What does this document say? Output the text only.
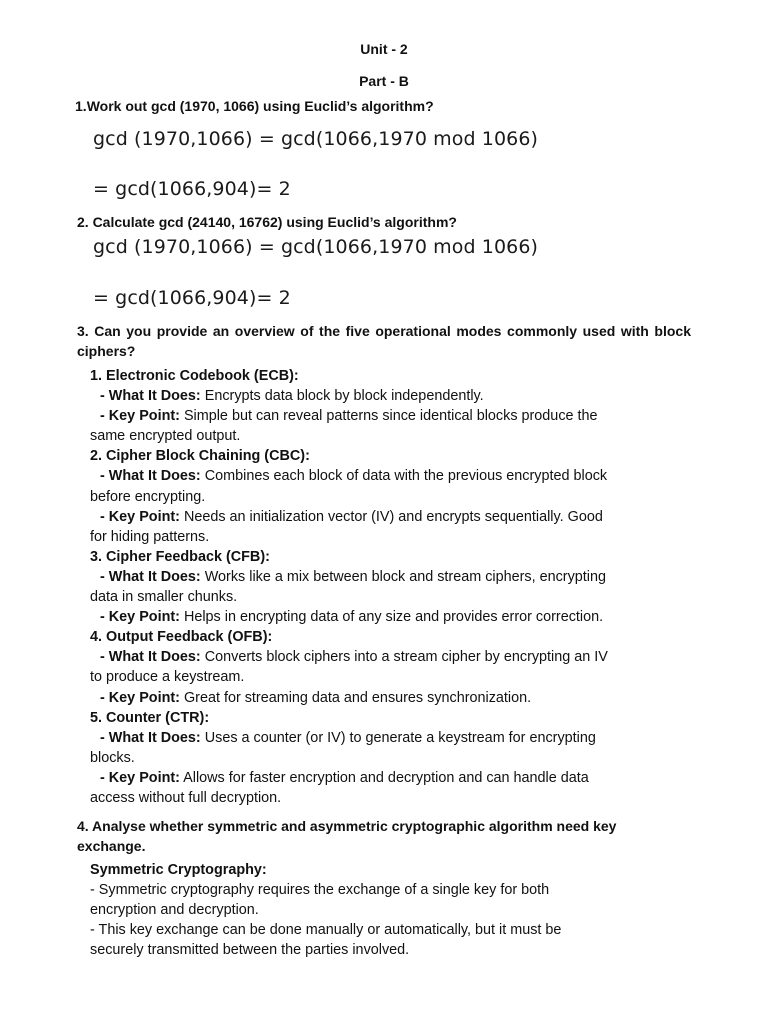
Unit - 2
Part - B
1.Work out gcd (1970, 1066) using Euclid’s algorithm?
gcd (1970,1066) = gcd(1066,1970 mod 1066)
= gcd(1066,904)= 2
2. Calculate gcd (24140, 16762) using Euclid’s algorithm?
gcd (1970,1066) = gcd(1066,1970 mod 1066)
= gcd(1066,904)= 2
3. Can you provide an overview of the five operational modes commonly used with block ciphers?
1. Electronic Codebook (ECB):
- What It Does: Encrypts data block by block independently.
- Key Point: Simple but can reveal patterns since identical blocks produce the
same encrypted output.
2. Cipher Block Chaining (CBC):
- What It Does: Combines each block of data with the previous encrypted block
before encrypting.
- Key Point: Needs an initialization vector (IV) and encrypts sequentially. Good
for hiding patterns.
3. Cipher Feedback (CFB):
- What It Does: Works like a mix between block and stream ciphers, encrypting
data in smaller chunks.
- Key Point: Helps in encrypting data of any size and provides error correction.
4. Output Feedback (OFB):
- What It Does: Converts block ciphers into a stream cipher by encrypting an IV
to produce a keystream.
- Key Point: Great for streaming data and ensures synchronization.
5. Counter (CTR):
- What It Does: Uses a counter (or IV) to generate a keystream for encrypting
blocks.
- Key Point: Allows for faster encryption and decryption and can handle data
access without full decryption.
4. Analyse whether symmetric and asymmetric cryptographic algorithm need key
exchange.
Symmetric Cryptography:
- Symmetric cryptography requires the exchange of a single key for both
encryption and decryption.
- This key exchange can be done manually or automatically, but it must be
securely transmitted between the parties involved.
